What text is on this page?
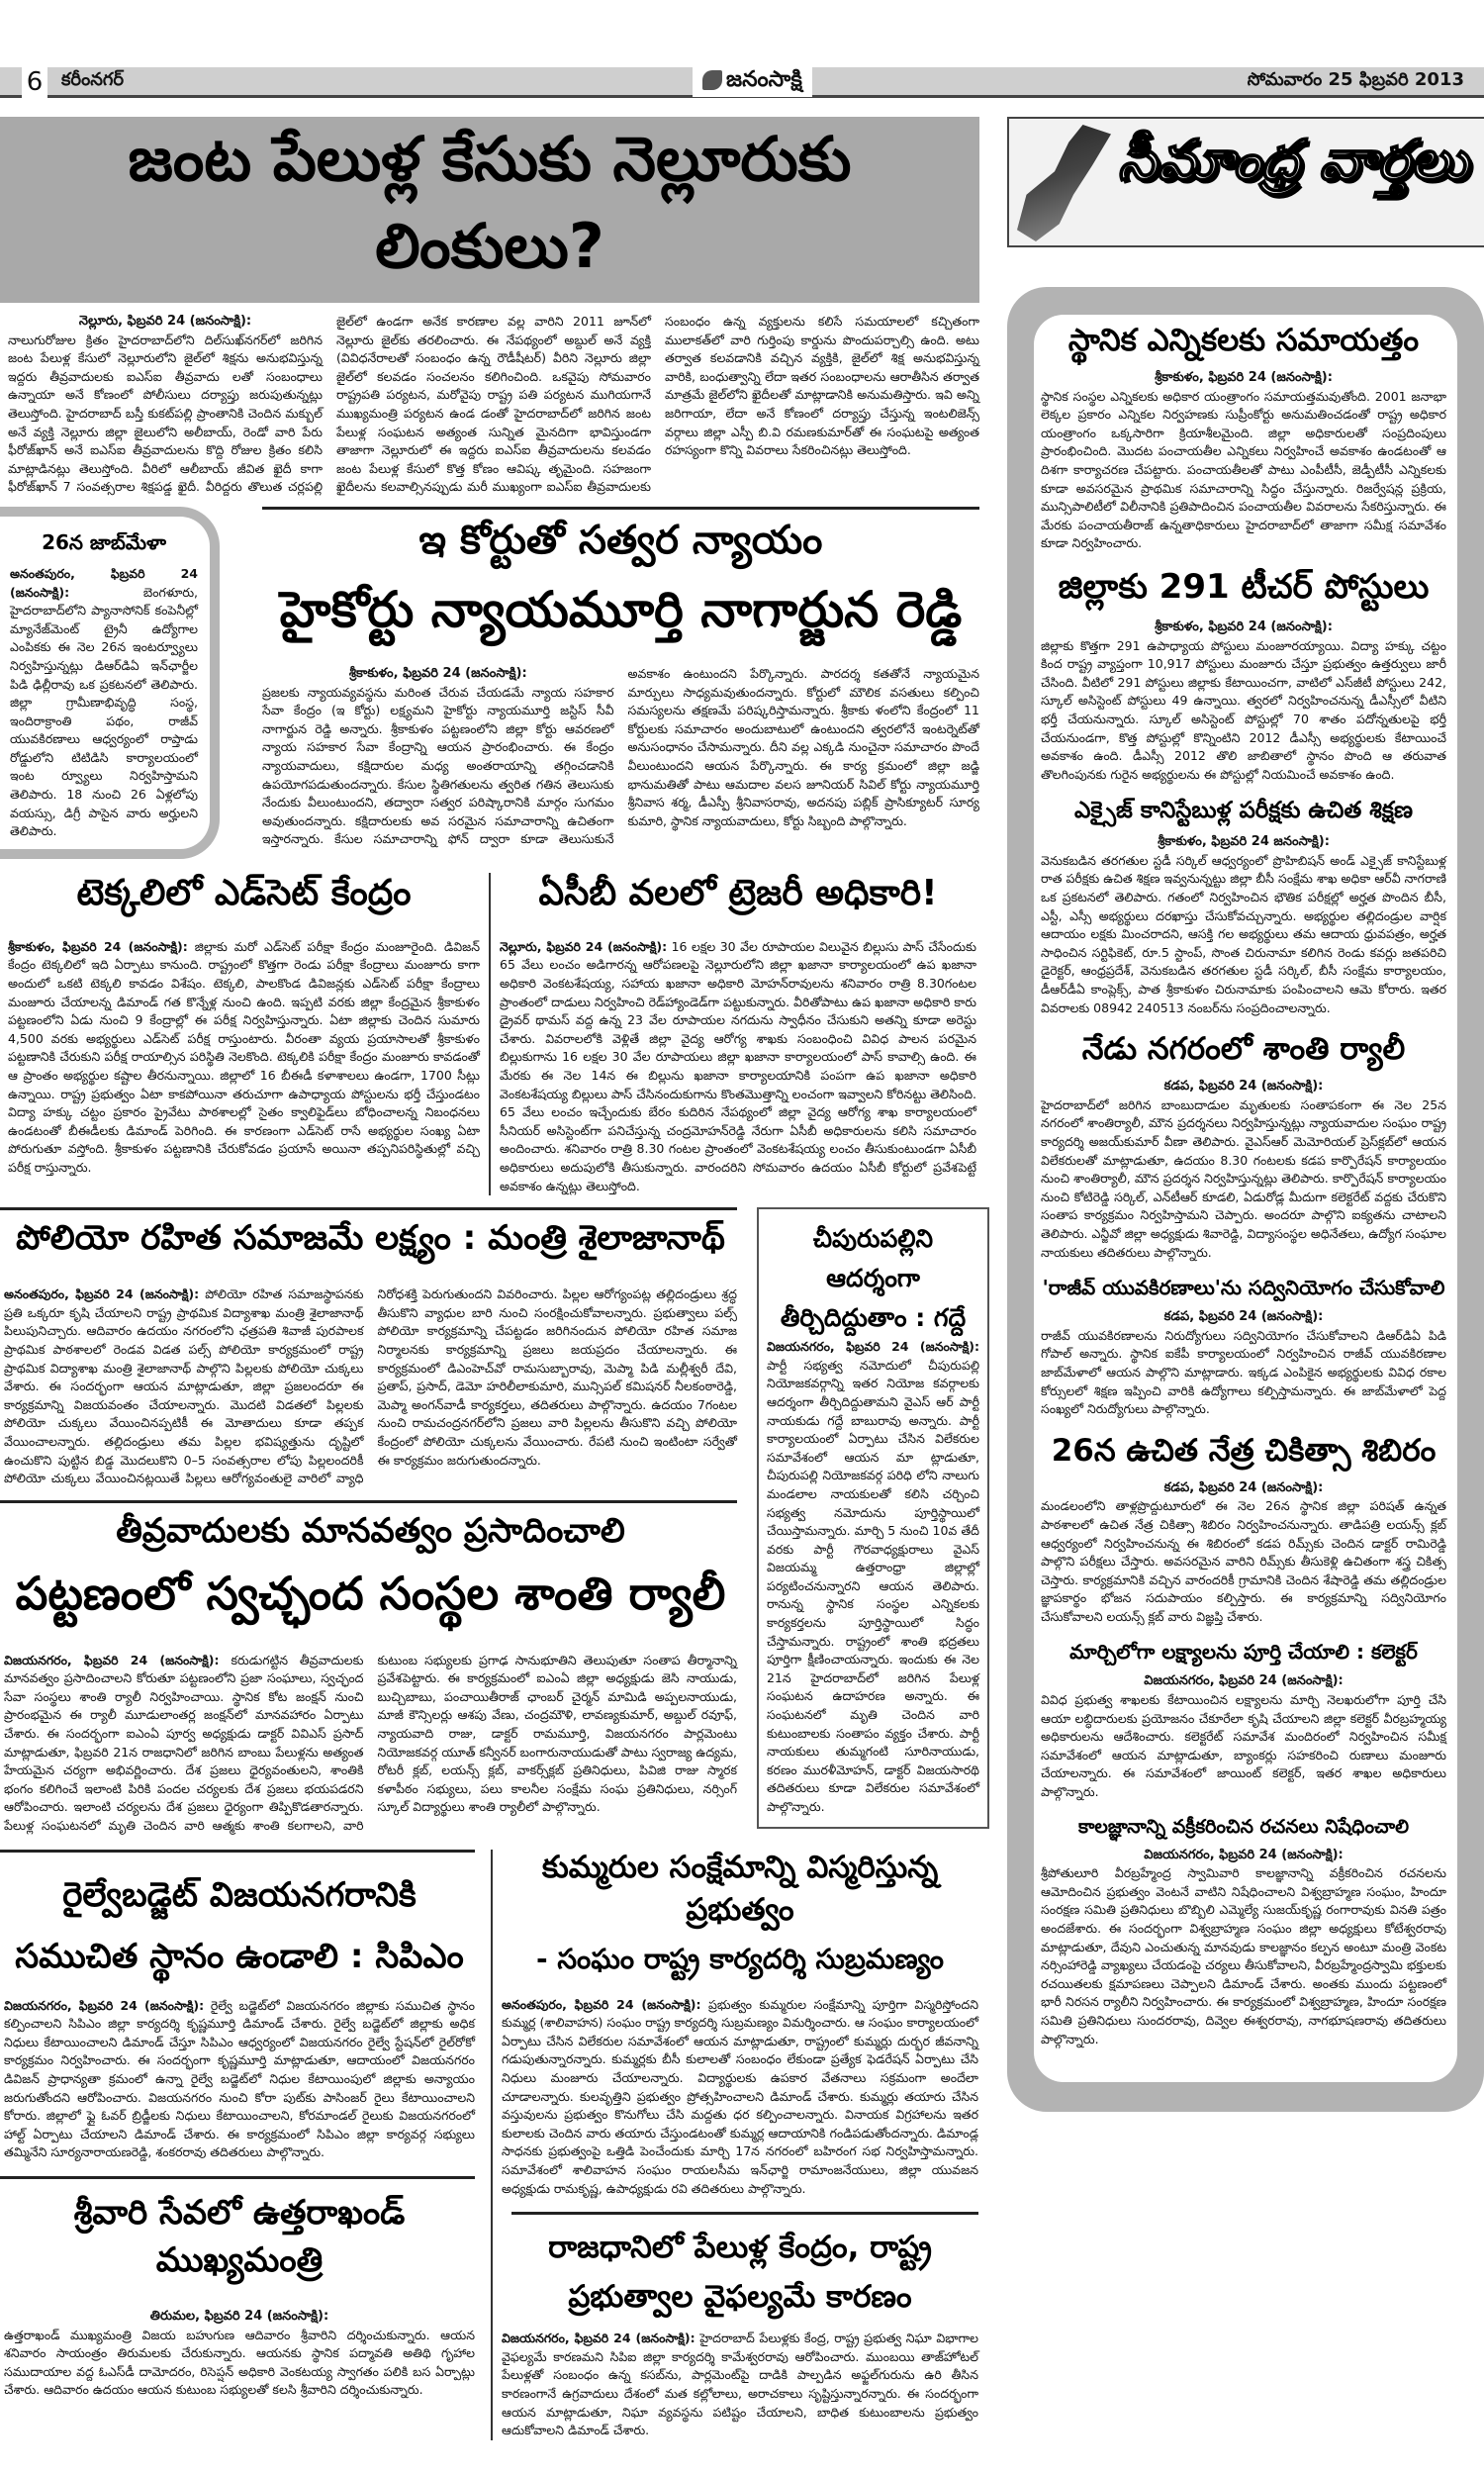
6 కరీంనగర్	జనంసాక్షి	సోమవారం 25 ఫిబ్రవరి 2013
సీమాంధ్ర వార్తలు
జంట పేలుళ్ల కేసుకు నెల్లూరుకు లింకులు?
నెల్లూరు, ఫిబ్రవరి 24 (జనంసాక్షి):
నాలుగురోజుల క్రితం హైదరాబాద్‌లోని దిల్‌సుఖ్‌నగర్‌లో జరిగిన జంట పేలుళ్ల కేసులో నెల్లూరులోని జైల్‌లో శిక్షను అనుభవిస్తున్న ఇద్దరు తీవ్రవాదులకు ఐఎస్‌ఐ తీవ్రవాదు లతో సంబంధాలు ఉన్నాయా అనే కోణంలో పోలీసులు దర్యాప్తు జరుపుతున్నట్లు తెలుస్తోంది. హైదరాబాద్ బస్తీ కుకట్‌పల్లి ప్రాంతానికి చెందిన మక్బుల్ అనే వ్యక్తి నెల్లూరు జిల్లా జైలులోని అలీబాయ్, రెండో వారి పేరు ఫీరోజ్‌ఖాన్ అనే ఐఎస్‌ఐ తీవ్రవాదులను కొద్ది రోజుల క్రితం కలిసి మాట్లాడినట్లు తెలుస్తోంది. వీరిలో ఆలీబాయ్ జీవిత ఖైదీ కాగా ఫీరోజ్‌ఖాన్ 7 సంవత్సరాల శిక్షపడ్డ ఖైదీ. వీరిద్దరు తొలుత చర్లపల్లి జైల్‌లో ఉండగా అనేక కారణాల వల్ల వారిని 2011 జూన్‌లో నెల్లూరు జైల్‌కు తరలించారు. ఈ నేపథ్యంలో అబ్దుల్ అనే వ్యక్తి (వివిధనేరాలతో సంబంధం ఉన్న రౌడీషీటర్) వీరిని నెల్లూరు జిల్లా జైల్‌లో కలవడం సంచలనం కలిగించింది. ఒకవైపు సోమవారం రాష్ట్రపతి పర్యటన, మరోవైపు రాష్ట్ర పతి పర్యటన ముగియగానే ముఖ్యమంత్రి పర్యటన ఉండ డంతో హైదరాబాద్‌లో జరిగిన జంట పేలుళ్ల సంఘటన అత్యంత సున్నిత మైనదిగా భావిస్తుండగా తాజాగా నెల్లూరులో ఈ ఇద్దరు ఐఎస్‌ఐ తీవ్రవాదులను కలవడం జంట పేలుళ్ల కేసులో కొత్త కోణం ఆవిష్క తృమైంది. సహజంగా ఖైదీలను కలవాల్సినప్పుడు మరీ ముఖ్యంగా ఐఎస్‌ఐ తీవ్రవాదులకు సంబంధం ఉన్న వ్యక్తులను కలిసే సమయాలలో కచ్చితంగా ములాకత్‌లో వారి గుర్తింపు కార్డును పొందుపర్చాల్సి ఉంది. అటు తర్వాత కలవడానికి వచ్చిన వ్యక్తికి, జైల్‌లో శిక్ష అనుభవిస్తున్న వారికి, బంధుత్వాన్ని లేదా ఇతర సంబంధాలను ఆరాతీసిన తర్వాత మాత్రమే జైల్‌లోని ఖైదీలతో మాట్లాడానికి అనుమతిస్తారు. ఇవి అన్ని జరిగాయా, లేదా అనే కోణంలో దర్యాప్తు చేస్తున్న ఇంటలిజెన్స్ వర్గాలు జిల్లా ఎస్పీ బి.వి రమణకుమార్‌తో ఈ సంఘటపై అత్యంత రహస్యంగా కొన్ని వివరాలు సేకరించినట్లు తెలుస్తోంది.
26న జాబ్‌మేళా
అనంతపురం, ఫిబ్రవరి 24 (జనంసాక్షి):	బెంగళూరు, హైదరాబాద్‌లోని ప్యానాసోనిక్ కంపెనీల్లో మ్యానేజ్‌మెంట్ ట్రైనీ ఉద్యోగాల ఎంపికకు ఈ నెల 26న ఇంటర్వ్యూలు నిర్వహిస్తున్నట్లు డిఆర్‌డిఏ ఇన్‌ఛార్జీల పిడి ఢిల్లీరావు ఒక ప్రకటనలో తెలిపారు. జిల్లా గ్రామీణాభివృద్ధి సంస్థ, ఇందిరాక్రాంతి పథం, రాజీవ్ యువకిరణాలు ఆధ్వర్యంలో రాప్తాడు రోడ్డులోని టిటిడిసి కార్యాలయంలో ఇంట ర్వ్యూలు నిర్వహిస్తామని తెలిపారు. 18 నుంచి 26 ఏళ్లలోపు వయస్సు, డిగ్రీ పాసైన వారు అర్హులని తెలిపారు.
ఇ కోర్టుతో సత్వర న్యాయం
హైకోర్టు న్యాయమూర్తి నాగార్జున రెడ్డి
శ్రీకాకుళం, ఫిబ్రవరి 24 (జనంసాక్షి):
ప్రజలకు న్యాయవ్యవస్థను మరింత చేరువ చేయడమే న్యాయ సహకార సేవా కేంద్రం (ఇ కోర్టు) లక్ష్యమని హైకోర్టు న్యాయమూర్తి జస్టిస్ సీవీ నాగార్జున రెడ్డి అన్నారు. శ్రీకాకుళం పట్టణంలోని జిల్లా కోర్టు ఆవరణలో న్యాయ సహకార సేవా కేంద్రాన్ని ఆయన ప్రారంభించారు. ఈ కేంద్రం న్యాయవాదులు, కక్షిదారుల మధ్య అంతరాయాన్ని తగ్గించడానికి ఉపయోగపడుతుందన్నారు. కేసుల స్థితిగతులను త్వరిత గతిన తెలుసుకు నేందుకు వీలుంటుందని, తద్వారా సత్వర పరిష్కారానికి మార్గం సుగమం అవుతుందన్నారు. కక్షిదారులకు అవ సరమైన సమాచారాన్ని ఉచితంగా ఇస్తారన్నారు. కేసుల సమాచారాన్ని ఫోన్ ద్వారా కూడా తెలుసుకునే అవకాశం ఉంటుందని పేర్కొన్నారు. పారదర్శ కతతోనే న్యాయమైన మార్పులు సాధ్యమవుతుందన్నారు. కోర్టులో మౌలిక వసతులు కల్పించి సమస్యలను తక్షణమే పరిష్కరిస్తామన్నారు. శ్రీకాకు ళంలోని కేంద్రంలో 11 కోర్టులకు సమాచారం అందుబాటులో ఉంటుందని త్వరలోనే ఇంటర్నెట్‌తో అనుసంధానం చేసామన్నారు. దీని వల్ల ఎక్కడి నుంచైనా సమాచారం పొందే వీలుంటుందని ఆయన పేర్కొన్నారు. ఈ కార్య క్రమంలో జిల్లా జడ్జి భానుమతితో పాటు ఆమదాల వలస జూనియర్ సివిల్ కోర్టు న్యాయమూర్తి శ్రీనివాస శర్మ, డీఎస్పీ శ్రీనివాసరావు, అదనపు పబ్లిక్ ప్రాసిక్యూటర్ సూర్య కుమారి, స్థానిక న్యాయవాదులు, కోర్టు సిబ్బంది పాల్గొన్నారు.
టెక్కలిలో ఎడ్‌సెట్ కేంద్రం
శ్రీకాకుళం, ఫిబ్రవరి 24 (జనంసాక్షి): జిల్లాకు మరో ఎడ్‌సెట్ పరీక్షా కేంద్రం మంజూరైంది. డివిజన్ కేంద్రం టెక్కలిలో ఇది ఏర్పాటు కానుంది. రాష్ట్రంలో కొత్తగా రెండు పరీక్షా కేంద్రాలు మంజూరు కాగా అందులో ఒకటి టెక్కలి కావడం విశేషం. టెక్కలి, పాలకొండ డివిజన్లకు ఎడ్‌సెట్ పరీక్షా కేంద్రాలు మంజూరు చేయాలన్న డిమాండ్ గత కొన్నేళ్ల నుంచి ఉంది. ఇప్పటి వరకు జిల్లా కేంద్రమైన శ్రీకాకుళం పట్టణంలోని ఏడు నుంచి 9 కేంద్రాల్లో ఈ పరీక్ష నిర్వహిస్తున్నారు. ఏటా జిల్లాకు చెందిన సుమారు 4,500 వరకు అభ్యర్థులు ఎడ్‌సెట్ పరీక్ష రాస్తుంటారు. వీరంతా వ్యయ ప్రయాసాలతో శ్రీకాకుళం పట్టణానికి చేరుకుని పరీక్ష రాయాల్సిన పరిస్థితి నెలకొంది. టెక్కలికి పరీక్షా కేంద్రం మంజూరు కావడంతో ఆ ప్రాంతం అభ్యర్థుల కష్టాల తీరనున్నాయి. జిల్లాలో 16 బీఈడీ కళాశాలలు ఉండగా, 1700 సీట్లు ఉన్నాయి. రాష్ట్ర ప్రభుత్వం ఏటా కాకపోయినా తరుచూగా ఉపాధ్యాయ పోస్టులను భర్తీ చేస్తుండటం విద్యా హక్కు చట్టం ప్రకారం ప్రైవేటు పాఠశాలల్లో సైతం క్వాలిఫైడ్‌లు బోధించాలన్న నిబంధనలు ఉండటంతో బీఈడీలకు డిమాండ్ పెరిగింది. ఈ కారణంగా ఎడ్‌సెట్ రాసే అభ్యర్థుల సంఖ్య ఏటా పోరుగుతూ వస్తోంది. శ్రీకాకుళం పట్టణానికి చేరుకోవడం ప్రయాసే అయినా తప్పనిపరిస్థితుల్లో వచ్చి పరీక్ష రాస్తున్నారు.
ఏసీబీ వలలో ట్రెజరీ అధికారి!
నెల్లూరు, ఫిబ్రవరి 24 (జనంసాక్షి): 16 లక్షల 30 వేల రూపాయల విలువైన బిల్లుసు పాస్ చేసేందుకు 65 వేలు లంచం అడిగారన్న ఆరోపణలపై నెల్లూరులోని జిల్లా ఖజానా కార్యాలయంలో ఉప ఖజానా అధికారి వెంకటశేషయ్య, సహాయ ఖజానా అధికారి మోహన్‌రావులను శనివారం రాత్రి 8.30గంటల ప్రాంతంలో దాడులు నిర్వహించి రెడ్‌హ్యాండెడ్‌గా పట్టుకున్నారు. వీరితోపాటు ఉప ఖజానా అధికారి కారు డ్రైవర్ థామస్ వద్ద ఉన్న 23 వేల రూపాయల నగదును స్వాధీనం చేసుకుని అతన్ని కూడా అరెస్టు చేశారు. వివరాలలోకి వెళ్లితే జిల్లా వైద్య ఆరోగ్య శాఖకు సంబంధించి వివిధ పాలన పరమైన బిల్లుకుగాను 16 లక్షల 30 వేల రూపాయలు జిల్లా ఖజానా కార్యాలయంలో పాస్ కావాల్సి ఉంది. ఈ మేరకు ఈ నెల 14న ఈ బిల్లును ఖజానా కార్యాలయానికి పంపగా ఉప ఖజానా అధికారి వెంకటశేషయ్య బిల్లులు పాస్ చేసినందుకుగాను కొంతమొత్తాన్ని లంచంగా ఇవ్వాలని కోరినట్టు తెలిసింది. 65 వేలు లంచం ఇచ్చేందుకు బేరం కుదిరిన నేపథ్యంలో జిల్లా వైద్య ఆరోగ్య శాఖ కార్యాలయంలో సీనియర్ అసిస్టెంట్‌గా పనిచేస్తున్న చంద్రమోహన్‌రెడ్డి నేరుగా ఏసీబీ అధికారులను కలిసి సమాచారం అందించారు. శనివారం రాత్రి 8.30 గంటల ప్రాంతంలో వెంకటశేషయ్య లంచం తీసుకుంటుండగా ఏసీబీ అధికారులు అదుపులోకి తీసుకున్నారు. వారందరిని సోమవారం ఉదయం ఏసీబీ కోర్టులో ప్రవేశపెట్టే అవకాశం ఉన్నట్లు తెలుస్తోంది.
పోలియో రహిత సమాజమే లక్ష్యం : మంత్రి శైలాజానాథ్
అనంతపురం, ఫిబ్రవరి 24 (జనంసాక్షి): పోలియో రహిత సమాజస్థాపనకు ప్రతి ఒక్కరూ కృషి చేయాలని రాష్ట్ర ప్రాథమిక విద్యాశాఖ మంత్రి శైలాజానాథ్ పిలుపునిచ్చారు. ఆదివారం ఉదయం నగరంలోని ఛత్రపతి శివాజీ పురపాలక ప్రాథమిక పాఠశాలలో రెండవ విడత పల్స్ పోలియో కార్యక్రమంలో రాష్ట్ర ప్రాథమిక విద్యాశాఖ మంత్రి శైలాజానాథ్ పాల్గొని పిల్లలకు పోలియో చుక్కలు వేశారు. ఈ సందర్భంగా ఆయన మాట్లాడుతూ, జిల్లా ప్రజలందరూ ఈ కార్యక్రమాన్ని విజయవంతం చేయాలన్నారు. మొదటి విడతలో పిల్లలకు పోలియో చుక్కలు వేయించినప్పటికీ ఈ మోతాదులు కూడా తప్పక వేయించాలన్నారు. తల్లిదండ్రులు తమ పిల్లల భవిష్యత్తును దృష్టిలో ఉంచుకొని పుట్టిన బిడ్డ మొదలుకొని 0–5 సంవత్సరాల లోపు పిల్లలందరికీ పోలియో చుక్కలు వేయించినట్లయితే పిల్లలు ఆరోగ్యవంతులై వారిలో వ్యాధి నిరోధశక్తి పెరుగుతుందని వివరించారు. పిల్లల ఆరోగ్యంపట్ల తల్లిదండ్రులు శ్రద్ధ తీసుకొని వ్యాధుల బారి నుంచి సంరక్షించుకోవాలన్నారు. ప్రభుత్వాలు పల్స్ పోలియో కార్యక్రమాన్ని చేపట్టడం జరిగినందున పోలియో రహిత సమాజ నిర్మాలనకు కార్యక్రమాన్ని ప్రజలు జయప్రదం చేయాలన్నారు. ఈ కార్యక్రమంలో డిఎంహెచ్‌వో రామసుబ్బారావు, మెప్మా పిడి మల్లీశ్వరీ దేవి, ప్రతాప్, ప్రసాద్, డెమో హరిలీలాకుమారి, మున్సిపల్ కమిషనర్ నీలకంఠారెడ్డి, మెప్మా అంగన్‌వాడీ కార్యకర్తలు, తదితరులు పాల్గొన్నారు. ఉదయం 7గంటల నుంచి రామచంద్రనగర్‌లోని ప్రజలు వారి పిల్లలను తీసుకొని వచ్చి పోలియో కేంద్రంలో పోలియో చుక్కలను వేయించారు. రేపటి నుంచి ఇంటింటా సర్వేతో ఈ కార్యక్రమం జరుగుతుందన్నారు.
తీవ్రవాదులకు మానవత్వం ప్రసాదించాలి
పట్టణంలో స్వచ్ఛంద సంస్థల శాంతి ర్యాలీ
విజయనగరం, ఫిబ్రవరి 24 (జనంసాక్షి): కరుడుగట్టిన తీవ్రవాదులకు మానవత్వం ప్రసాదించాలని కోరుతూ పట్టణంలోని ప్రజా సంఘాలు, స్వచ్ఛంద సేవా సంస్థలు శాంతి ర్యాలీ నిర్వహించాయి. స్థానిక కోట జంక్షన్ నుంచి ప్రారంభమైన ఈ ర్యాలీ మూడులాంతర్ల జంక్షన్‌లో మానవహారం ఏర్పాటు చేశారు. ఈ సందర్భంగా ఐఎంఏ పూర్వ అధ్యక్షుడు డాక్టర్ వివిఎస్ ప్రసాద్ మాట్లాడుతూ, ఫిబ్రవరి 21న రాజధానిలో జరిగిన బాంబు పేలుళ్లను అత్యంత హేయమైన చర్యగా అభివర్ణించారు. దేశ ప్రజలు ధైర్యవంతులని, శాంతికి భంగం కలిగించే ఇలాంటి పిరికి పందల చర్యలకు దేశ ప్రజలు భయపడరని ఆరోపించారు. ఇలాంటి చర్యలను దేశ ప్రజలు ధైర్యంగా తిప్పికొడతారన్నారు. పేలుళ్ల సంఘటనలో మృతి చెందిన వారి ఆత్మకు శాంతి కలగాలని, వారి కుటుంబ సభ్యులకు ప్రగాఢ సానుభూతిని తెలుపుతూ సంతాప తీర్మానాన్ని ప్రవేశపెట్టారు. ఈ కార్యక్రమంలో ఐఎంఏ జిల్లా అధ్యక్షుడు జెసి నాయుడు, బుచ్చిబాబు, పంచాయితీరాజ్ ఛాంబర్ చైర్మన్ మామిడి అప్పలనాయుడు, మాజీ కౌన్సిలర్లు ఆశపు వేణు, చంద్రమౌళి, లావణ్యకుమార్, అబ్దుల్ రవూఫ్, న్యాయవాది రాజు, డాక్టర్ రామమూర్తి, విజయనగరం పార్లమెంటు నియోజకవర్గ యూత్ కన్వీనర్ బంగారునాయుడుతో పాటు స్వరాజ్య ఉద్యమ, రోటరీ క్లబ్, లయన్స్ క్లబ్, వాకర్స్‌క్లబ్ ప్రతినిధులు, పివిజి రాజు స్మారక కళాపీఠం సభ్యులు, పలు కాలనీల సంక్షేమ సంఘ ప్రతినిధులు, నర్సింగ్ స్కూల్ విద్యార్థులు శాంతి ర్యాలీలో పాల్గొన్నారు.
చీపురుపల్లిని ఆదర్శంగా తీర్చిదిద్దుతాం : గద్దే
విజయనగరం, ఫిబ్రవరి 24 (జనంసాక్షి): పార్టీ సభ్యత్వ నమోదులో చీపురుపల్లి నియోజకవర్గాన్ని ఇతర నియోజ కవర్గాలకు ఆదర్శంగా తీర్చిదిద్దుతామని వైఎస్ ఆర్ పార్టీ నాయకుడు గద్దే బాబురావు అన్నారు. పార్టీ కార్యాలయంలో ఏర్పాటు చేసిన విలేకరుల సమావేశంలో ఆయన మా ట్లాడుతూ, చీపురుపల్లి నియోజకవర్గ పరిధి లోని నాలుగు మండలాల నాయకులతో కలిసి చర్చించి సభ్యత్వ నమోదును పూర్తిస్థాయిలో చేయిస్తామన్నారు. మార్చి 5 నుంచి 10వ తేదీ వరకు పార్టీ గౌరవాధ్యక్షురాలు వైఎస్ విజయమ్మ ఉత్తరాంధ్రా జిల్లాల్లో పర్యటించనున్నారని ఆయన తెలిపారు. రానున్న స్థానిక సంస్థల ఎన్నికలకు కార్యకర్తలను పూర్తిస్థాయిలో సిద్ధం చేస్తామన్నారు. రాష్ట్రంలో శాంతి భద్రతలు పూర్తిగా క్షీణించాయన్నారు. ఇందుకు ఈ నెల 21న హైదరాబాద్‌లో జరిగిన పేలుళ్ల సంఘటన ఉదాహరణ అన్నారు. ఈ సంఘటనలో మృతి చెందిన వారి కుటుంబాలకు సంతాపం వ్యక్తం చేశారు. పార్టీ నాయకులు తుమ్మగంటి సూరినాయుడు, కరణం మురళీమోహన్, డాక్టర్ విజయసారథి తదితరులు కూడా విలేకరుల సమావేశంలో పాల్గొన్నారు.
రైల్వేబడ్జెట్ విజయనగరానికి సముచిత స్థానం ఉండాలి : సిపిఎం
విజయనగరం, ఫిబ్రవరి 24 (జనంసాక్షి): రైల్వే బడ్జెట్‌లో విజయనగరం జిల్లాకు సముచిత స్థానం కల్పించాలని సిపిఎం జిల్లా కార్యదర్శి కృష్ణమూర్తి డిమాండ్ చేశారు. రైల్వే బడ్జెట్‌లో జిల్లాకు అధిక నిధులు కేటాయించాలని డిమాండ్ చేస్తూ సిపిఎం ఆధ్వర్యంలో విజయనగరం రైల్వే స్టేషన్‌లో రైల్‌రోకో కార్యక్రమం నిర్వహించారు. ఈ సందర్భంగా కృష్ణమూర్తి మాట్లాడుతూ, ఆదాయంలో విజయనగరం డివిజన్ ప్రాధాన్యతా క్రమంలో ఉన్నా రైల్వే బడ్జెట్‌లో నిధుల కేటాయింపులో జిల్లాకు అన్యాయం జరుగుతోందని ఆరోపించారు. విజయనగరం నుంచి కోరా పుట్‌కు పాసింజర్ రైలు కేటాయించాలని కోరారు. జిల్లాలో ఫ్లై ఓవర్ బ్రిడ్జీలకు నిధులు కేటాయించాలని, కోరమాండల్ రైలుకు విజయనగరంలో హాల్ట్ ఏర్పాటు చేయాలని డిమాండ్ చేశారు. ఈ కార్యక్రమంలో సిపిఎం జిల్లా కార్యవర్గ సభ్యులు తమ్మినేని సూర్యనారాయణరెడ్డి, శంకరరావు తదితరులు పాల్గొన్నారు.
శ్రీవారి సేవలో ఉత్తరాఖండ్ ముఖ్యమంత్రి
తిరుమల, ఫిబ్రవరి 24 (జనంసాక్షి):
ఉత్తరాఖండ్ ముఖ్యమంత్రి విజయ బహుగుణ ఆదివారం శ్రీవారిని దర్శించుకున్నారు. ఆయన శనివారం సాయంత్రం తిరుమలకు చేరుకున్నారు. ఆయనకు స్థానిక పద్మావతి అతిథి గృహాల సముదాయాల వద్ద ఓఎస్‌డీ దామోదరం, రిసెప్షన్ అధికారి వెంకటయ్య స్వాగతం పలికి బస ఏర్పాట్లు చేశారు. ఆదివారం ఉదయం ఆయన కుటుంబ సభ్యులతో కలసి శ్రీవారిని దర్శించుకున్నారు.
కుమ్మరుల సంక్షేమాన్ని విస్మరిస్తున్న ప్రభుత్వం
- సంఘం రాష్ట్ర కార్యదర్శి సుబ్రమణ్యం
అనంతపురం, ఫిబ్రవరి 24 (జనంసాక్షి): ప్రభుత్వం కుమ్మరుల సంక్షేమాన్ని పూర్తిగా విస్మరిస్తోందని కుమ్మర్ల (శాలివాహన) సంఘం రాష్ట్ర కార్యదర్శి సుబ్రమణ్యం విమర్శించారు. ఆ సంఘం కార్యాలయంలో ఏర్పాటు చేసిన విలేకరుల సమావేశంలో ఆయన మాట్లాడుతూ, రాష్ట్రంలో కుమ్మర్లు దుర్భర జీవనాన్ని గడుపుతున్నారన్నారు. కుమ్మర్లకు బీసీ కులాలతో సంబంధం లేకుండా ప్రత్యేక ఫెడరేషన్ ఏర్పాటు చేసి నిధులు మంజూరు చేయాలన్నారు. విద్యార్థులకు ఉపకార వేతనాలు సక్రమంగా అందేలా చూడాలన్నారు. కులవృత్తిని ప్రభుత్వం ప్రోత్సహించాలని డిమాండ్ చేశారు. కుమ్మర్లు తయారు చేసిన వస్తువులను ప్రభుత్వం కొనుగోలు చేసి మద్దతు ధర కల్పించాలన్నారు. వినాయక విగ్రహాలను ఇతర కులాలకు చెందిన వారు తయారు చేస్తుండటంతో కుమ్మర్ల ఆదాయానికి గండిపడుతోందన్నారు. డిమాండ్ల సాధనకు ప్రభుత్వంపై ఒత్తిడి పెంచేందుకు మార్చి 17న నగరంలో బహిరంగ సభ నిర్వహిస్తామన్నారు. సమావేశంలో శాలివాహన సంఘం రాయలసీమ ఇన్‌ఛార్జి రామాంజనేయులు, జిల్లా యువజన అధ్యక్షుడు రామకృష్ణ, ఉపాధ్యక్షుడు రవి తదితరులు పాల్గొన్నారు.
రాజధానిలో పేలుళ్ల కేంద్రం, రాష్ట్ర ప్రభుత్వాల వైఫల్యమే కారణం
విజయనగరం, ఫిబ్రవరి 24 (జనంసాక్షి): హైదరాబాద్ పేలుళ్లకు కేంద్ర, రాష్ట్ర ప్రభుత్వ నిఘా విభాగాల వైఫల్యమే కారణమని సిపిఐ జిల్లా కార్యదర్శి కామేశ్వరరావు ఆరోపించారు. ముంబయి తాజ్‌హోటల్ పేలుళ్లతో సంబంధం ఉన్న కసబ్‌ను, పార్లమెంట్‌పై దాడికి పాల్పడిన అఫ్జల్‌గురును ఉరి తీసిన కారణంగానే ఉగ్రవాదులు దేశంలో మత కల్లోలాలు, అరాచకాలు సృష్టిస్తున్నారన్నారు. ఈ సందర్భంగా ఆయన మాట్లాడుతూ, నిఘా వ్యవస్థను పటిష్టం చేయాలని, బాధిత కుటుంబాలను ప్రభుత్వం ఆదుకోవాలని డిమాండ్ చేశారు.
స్థానిక ఎన్నికలకు సమాయత్తం
శ్రీకాకుళం, ఫిబ్రవరి 24 (జనంసాక్షి):
స్థానిక సంస్థల ఎన్నికలకు అధికార యంత్రాంగం సమాయత్తమవుతోంది. 2001 జనాభా లెక్కల ప్రకారం ఎన్నికల నిర్వహణకు సుప్రీంకోర్టు అనుమతించడంతో రాష్ట్ర అధికార యంత్రాంగం ఒక్కసారిగా క్రియాశీలమైంది. జిల్లా అధికారులతో సంప్రదింపులు ప్రారంభించింది. మొదట పంచాయతీల ఎన్నికలు నిర్వహించే అవకాశం ఉండటంతో ఆ దిశగా కార్యాచరణ చేపట్టారు. పంచాయతీలతో పాటు ఎంపీటీసీ, జెడ్పీటీసీ ఎన్నికలకు కూడా అవసరమైన ప్రాథమిక సమాచారాన్ని సిద్ధం చేస్తున్నారు. రిజర్వేషన్ల ప్రక్రియ, మున్సిపాలిటీలో విలీనానికి ప్రతిపాదించిన పంచాయతీల వివరాలను సేకరిస్తున్నారు. ఈ మేరకు పంచాయతీరాజ్ ఉన్నతాధికారులు హైదరాబాద్‌లో తాజాగా సమీక్ష సమావేశం కూడా నిర్వహించారు.
జిల్లాకు 291 టీచర్ పోస్టులు
శ్రీకాకుళం, ఫిబ్రవరి 24 (జనంసాక్షి):
జిల్లాకు కొత్తగా 291 ఉపాధ్యాయ పోస్టులు మంజూరయ్యాయి. విద్యా హక్కు చట్టం కింద రాష్ట్ర వ్యాప్తంగా 10,917 పోస్టులు మంజూరు చేస్తూ ప్రభుత్వం ఉత్తర్వులు జారీ చేసింది. వీటిలో 291 పోస్టులు జిల్లాకు కేటాయించగా, వాటిలో ఎస్‌జీటీ పోస్టులు 242, స్కూల్ అసిస్టెంట్ పోస్టులు 49 ఉన్నాయి. త్వరలో నిర్వహించనున్న డీఎస్సీలో వీటిని భర్తీ చేయనున్నారు. స్కూల్ అసిస్టెంట్ పోస్టుల్లో 70 శాతం పదోన్నతులపై భర్తీ చేయనుండగా, కొత్త పోస్టుల్లో కొన్నింటిని 2012 డీఎస్సీ అభ్యర్థులకు కేటాయించే అవకాశం ఉంది. డీఎస్సీ 2012 తొలి జాబితాలో స్థానం పొంది ఆ తరువాత తొలగింపునకు గురైన అభ్యర్థులను ఈ పోస్టుల్లో నియమించే అవకాశం ఉంది.
ఎక్సైజ్ కానిస్టేబుళ్ల పరీక్షకు ఉచిత శిక్షణ
శ్రీకాకుళం, ఫిబ్రవరి 24 జనంసాక్షి):
వెనుకబడిన తరగతుల స్టడీ సర్కిల్ ఆధ్వర్యంలో ప్రొహిబిషన్ అండ్ ఎక్సైజ్ కానిస్టేబుళ్ల రాత పరీక్షకు ఉచిత శిక్షణ ఇవ్వనున్నట్టు జిల్లా బీసీ సంక్షేమ శాఖ అధికా ఆర్‌వీ నాగరాణి ఒక ప్రకటనలో తెలిపారు. గతంలో నిర్వహించిన భౌతిక పరీక్షల్లో అర్హత పొందిన బీసీ, ఎస్టీ, ఎస్సీ అభ్యర్థులు దరఖాస్తు చేసుకోవచ్చున్నారు. అభ్యర్థుల తల్లిదండ్రుల వార్షిక ఆదాయం లక్షకు మించరాదని, ఆసక్తి గల అభ్యర్థులు తమ ఆదాయ ధ్రువపత్రం, అర్హత సాధించిన సర్టిఫికెట్, రూ.5 స్టాంప్, సొంత చిరునామా కలిగిన రెండు కవర్లు జతపరిచి డైరెక్టర్, ఆంధ్రప్రదేశ్, వెనుకబడిన తరగతుల స్టడీ సర్కిల్, బీసీ సంక్షేమ కార్యాలయం, డీఆర్‌డీఏ కాంప్లెక్స్, పాత శ్రీకాకుళం చిరునామాకు పంపించాలని ఆమె కోరారు. ఇతర వివరాలకు 08942 240513 నంబర్‌ను సంప్రదించాలన్నారు.
నేడు నగరంలో శాంతి ర్యాలీ
కడప, ఫిబ్రవరి 24 (జనంసాక్షి):
హైదరాబాద్‌లో జరిగిన బాంబుదాడుల మృతులకు సంతాపకంగా ఈ నెల 25న నగరంలో శాంతిర్యాలీ, మౌన ప్రదర్శనలు నిర్వహిస్తున్నట్లు న్యాయవాదుల సంఘం రాష్ట్ర కార్యదర్శి అజయ్‌కుమార్ వీణా తెలిపారు. వైఎస్‌ఆర్ మెమోరియల్ ప్రెస్‌క్లబ్‌లో ఆయన విలేకరులతో మాట్లాడుతూ, ఉదయం 8.30 గంటలకు కడప కార్పొరేషన్ కార్యాలయం నుంచి శాంతిర్యాలీ, మౌన ప్రదర్శన నిర్వహిస్తున్నట్లు తెలిపారు. కార్పొరేషన్ కార్యాలయం నుంచి కోటిరెడ్డి సర్కిల్, ఎన్‌టీఆర్ కూడలి, ఏడురోడ్ల మీదుగా కలెక్టరేట్ వద్దకు చేరుకొని సంతాప కార్యక్రమం నిర్వహిస్తామని చెప్పారు. అందరూ పాల్గొని ఐక్యతను చాటాలని తెలిపారు. ఎన్జీవో జిల్లా అధ్యక్షుడు శివారెడ్డి, విద్యాసంస్థల అధినేతలు, ఉద్యోగ సంఘాల నాయకులు తదితరులు పాల్గొన్నారు.
'రాజీవ్ యువకిరణాలు'ను సద్వినియోగం చేసుకోవాలి
కడప, ఫిబ్రవరి 24 (జనంసాక్షి):
రాజీవ్ యువకిరణాలను నిరుద్యోగులు సద్వినియోగం చేసుకోవాలని డిఆర్‌డిఏ పిడి గోపాల్ అన్నారు. స్థానిక ఐకేపీ కార్యాలయంలో నిర్వహించిన రాజీవ్ యువకిరణాల జాబ్‌మేళాలో ఆయన పాల్గొని మాట్లాడారు. ఇక్కడ ఎంపికైన అభ్యర్థులకు వివిధ రకాల కోర్సులలో శిక్షణ ఇప్పించి వారికి ఉద్యోగాలు కల్పిస్తామన్నారు. ఈ జాబ్‌మేళాలో పెద్ద సంఖ్యలో నిరుద్యోగులు పాల్గొన్నారు.
26న ఉచిత నేత్ర చికిత్సా శిబిరం
కడప, ఫిబ్రవరి 24 (జనంసాక్షి):
మండలంలోని తాళ్లప్రొద్దుటూరులో ఈ నెల 26న స్థానిక జిల్లా పరిషత్ ఉన్నత పాఠశాలలో ఉచిత నేత్ర చికిత్సా శిబిరం నిర్వహించనున్నారు. తాడిపత్రి లయన్స్ క్లబ్ ఆధ్వర్యంలో నిర్వహించనున్న ఈ శిబిరంలో కడప రిమ్స్‌కు చెందిన డాక్టర్ రామిరెడ్డి పాల్గొని పరీక్షలు చేస్తారు. అవసరమైన వారిని రిమ్స్‌కు తీసుకెళ్లి ఉచితంగా శస్త్ర చికిత్స చెస్తారు. కార్యక్రమానికి వచ్చిన వారందరికీ గ్రామానికి చెందిన శేషారెడ్డి తమ తల్లిదండ్రుల జ్ఞాపకార్థం భోజన సదుపాయం కల్పిస్తారు. ఈ కార్యక్రమాన్ని సద్వినియోగం చేసుకోవాలని లయన్స్ క్లబ్ వారు విజ్ఞప్తి చేశారు.
మార్చిలోగా లక్ష్యాలను పూర్తి చేయాలి : కలెక్టర్
విజయనగరం, ఫిబ్రవరి 24 (జనంసాక్షి):
వివిధ ప్రభుత్వ శాఖలకు కేటాయించిన లక్ష్యాలను మార్చి నెలఖరులోగా పూర్తి చేసి ఆయా లబ్ధిదారులకు ప్రయోజనం చేకూరేలా కృషి చేయాలని జిల్లా కలెక్టర్ వీరబ్రహ్మయ్య అధికారులను ఆదేశించారు. కలెక్టరేట్ సమావేశ మందిరంలో నిర్వహించిన సమీక్ష సమావేశంలో ఆయన మాట్లాడుతూ, బ్యాంకర్లు సహకరించి రుణాలు మంజూరు చేయాలన్నారు. ఈ సమావేశంలో జాయింట్ కలెక్టర్, ఇతర శాఖల అధికారులు పాల్గొన్నారు.
కాలజ్ఞానాన్ని వక్రీకరించిన రచనలు నిషేధించాలి
విజయనగరం, ఫిబ్రవరి 24 (జనంసాక్షి):
శ్రీపోతులూరి వీరబ్రహ్మేంద్ర స్వామివారి కాలజ్ఞానాన్ని వక్రీకరించిన రచనలను ఆమోదించిన ప్రభుత్వం వెంటనే వాటిని నిషేధించాలని విశ్వబ్రాహ్మణ సంఘం, హిందూ సంరక్షణ సమితి ప్రతినిధులు బొబ్బిలి ఎమ్మెల్యే సుజయ్‌కృష్ణ రంగారావుకు వినతి పత్రం అందజేశారు. ఈ సందర్భంగా విశ్వబ్రాహ్మణ సంఘం జిల్లా అధ్యక్షులు కోటేశ్వరరావు మాట్లాడుతూ, దేవుని ఎంచుతున్న మానవుడు కాలజ్ఞానం కల్పన అంటూ మంత్రి వెంకట నర్సింహారెడ్డి వ్యాఖ్యలు చేయడంపై చర్యలు తీసుకోవాలని, వీరబ్రహ్మేంద్రస్వామి భక్తులకు రచయితలకు క్షమాపణలు చెప్పాలని డిమాండ్ చేశారు. అంతకు ముందు పట్టణంలో భారీ నిరసన ర్యాలీని నిర్వహించారు. ఈ కార్యక్రమంలో విశ్వబ్రాహ్మణ, హిందూ సంరక్షణ సమితి ప్రతినిధులు సుందరరావు, దివ్వెల ఈశ్వరరావు, నాగభూషణరావు తదితరులు పాల్గొన్నారు.
